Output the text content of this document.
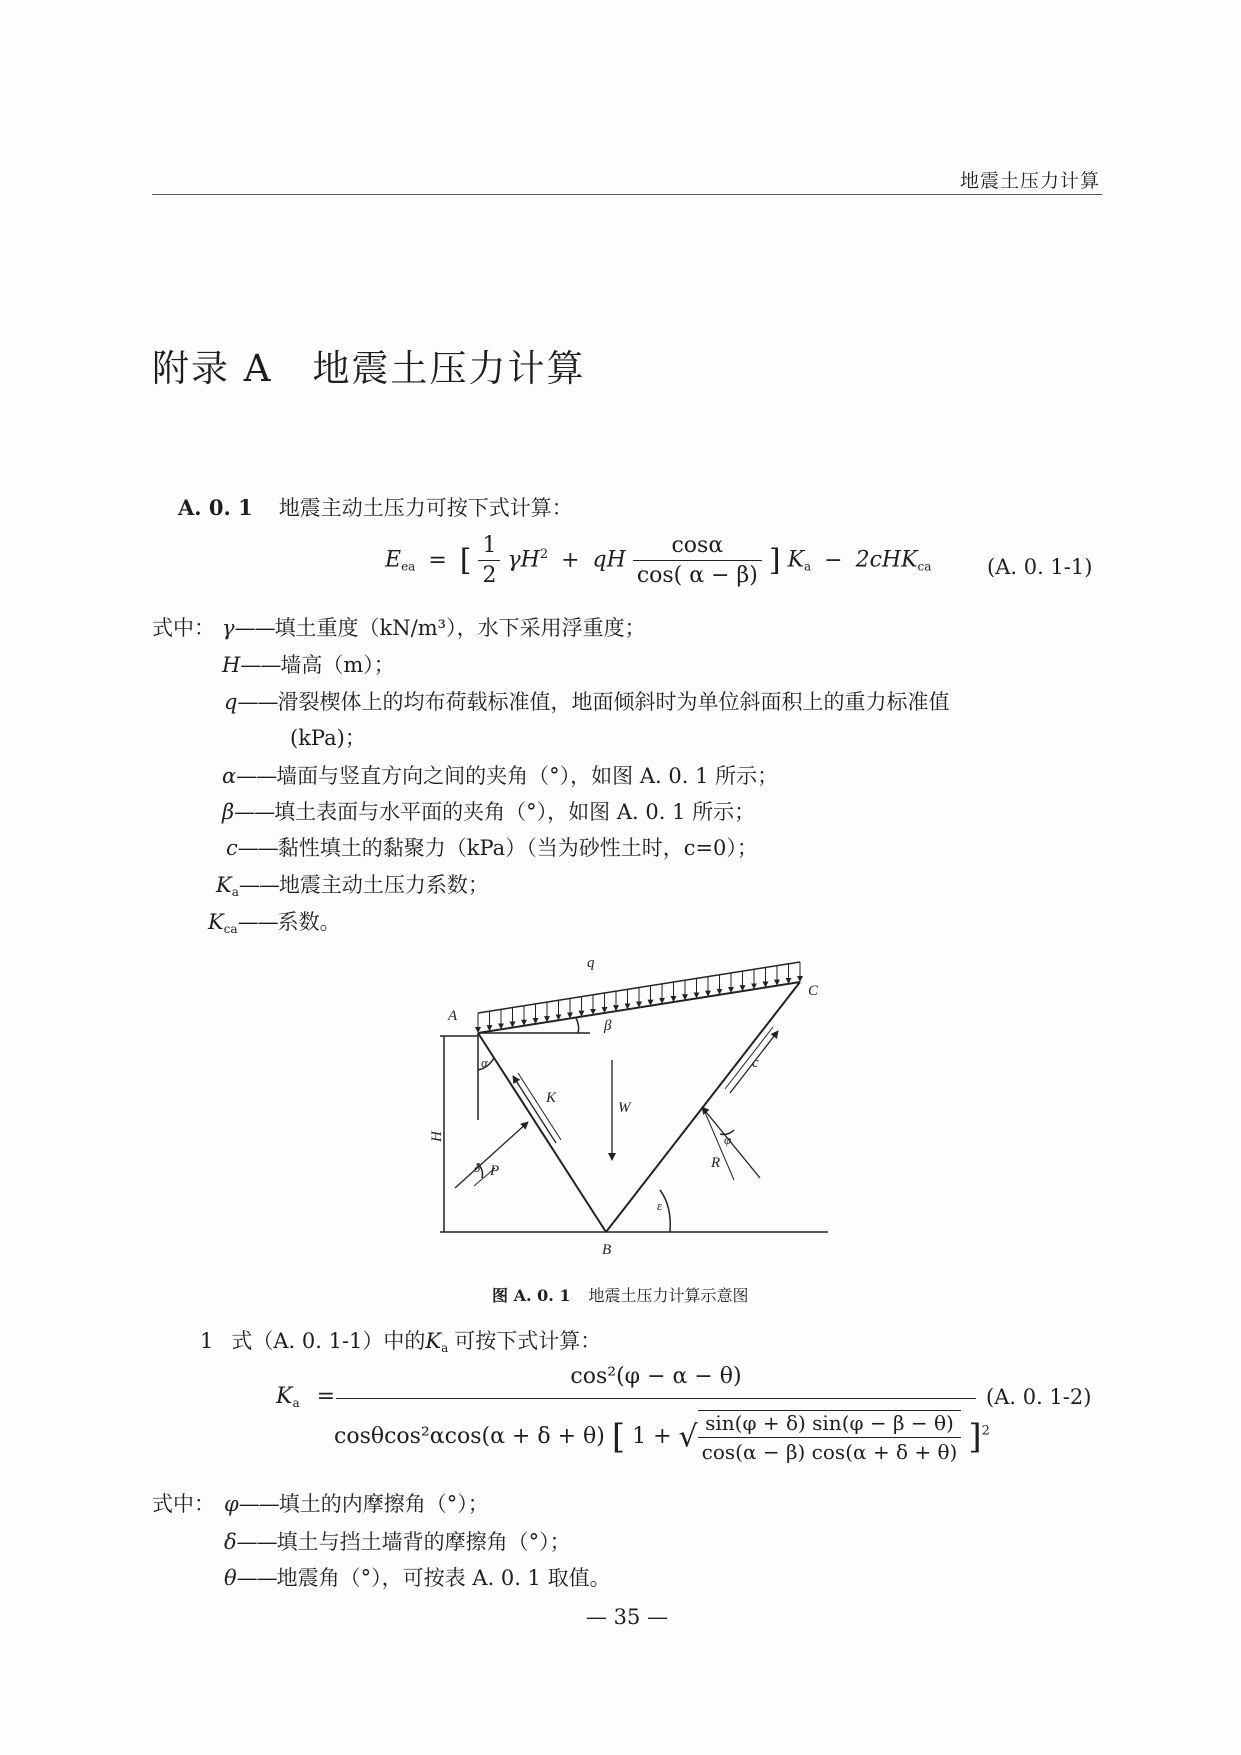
地震土压力计算
附录 A 地震土压力计算
A. 0. 1 地震主动土压力可按下式计算：
$E_{ea}$ = [ $\frac{1}{2} \gamma H^2$ + qH $\frac{\cos\alpha}{\cos( \alpha - \beta)}$ ] $K_a - 2cHK_{ca}$	(A. 0. 1-1)
式中： γ——填土重度（kN/m³），水下采用浮重度；
H——墙高（m）；
q——滑裂楔体上的均布荷载标准值，地面倾斜时为单位斜面积上的重力标准值
(kPa)；
α——墙面与竖直方向之间的夹角（°），如图 A. 0. 1 所示；
β——填土表面与水平面的夹角（°），如图 A. 0. 1 所示；
c——黏性填土的黏聚力（kPa）（当为砂性土时，c=0）；
$K_a——$地震主动土压力系数；
$K_{ca}——$系数。
A
B
C
q
β
α
K
W
c
H
δ P
φ
R
ε
图 A. 0. 1 地震土压力计算示意图
1 式（A. 0. 1-1）中的$K_a$ 可按下式计算：
$K_a$ =
cos²(φ − α − θ)
cosθcos²αcos(α + δ + θ) [ 1 + √ $\frac{\sin(\varphi + \delta) \sin(\varphi - \beta - \theta)}{\cos(\alpha - \beta) \cos(\alpha + \delta + \theta)} ]^2$
(A. 0. 1-2)
式中： φ——填土的内摩擦角（°）；
δ——填土与挡土墙背的摩擦角（°）；
θ——地震角（°），可按表 A. 0. 1 取值。
— 35 —
